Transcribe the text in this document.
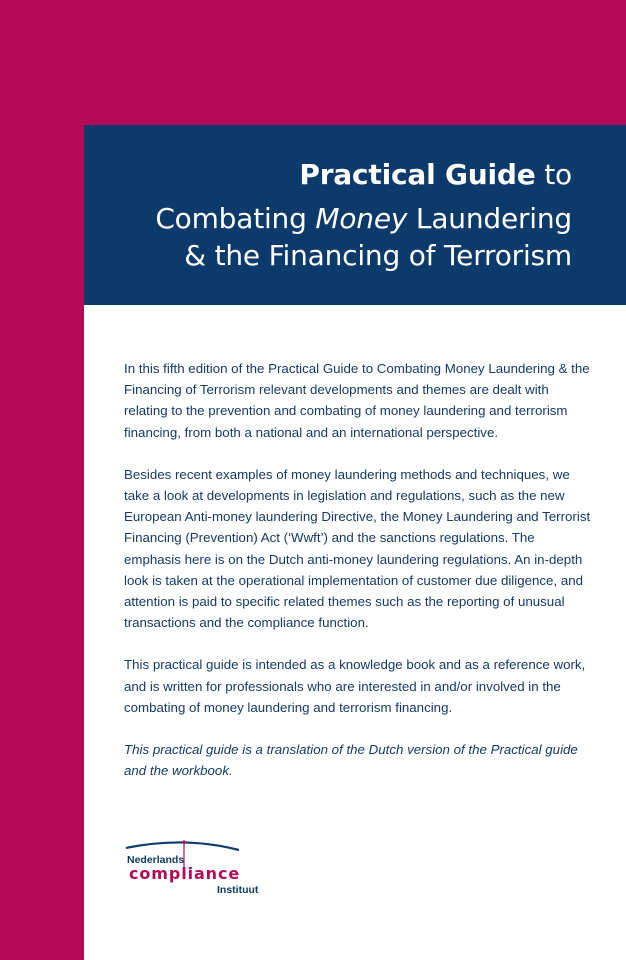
Practical Guide to
Combating Money Laundering
& the Financing of Terrorism

In this fifth edition of the Practical Guide to Combating Money Laundering & the Financing of Terrorism relevant developments and themes are dealt with relating to the prevention and combating of money laundering and terrorism financing, from both a national and an international perspective.

Besides recent examples of money laundering methods and techniques, we take a look at developments in legislation and regulations, such as the new European Anti-money laundering Directive, the Money Laundering and Terrorist Financing (Prevention) Act (‘Wwft’) and the sanctions regulations. The emphasis here is on the Dutch anti-money laundering regulations. An in-depth look is taken at the operational implementation of customer due diligence, and attention is paid to specific related themes such as the reporting of unusual transactions and the compliance function.

This practical guide is intended as a knowledge book and as a reference work, and is written for professionals who are interested in and/or involved in the combating of money laundering and terrorism financing.

This practical guide is a translation of the Dutch version of the Practical guide and the workbook.

Nederlands
compliance
Instituut
